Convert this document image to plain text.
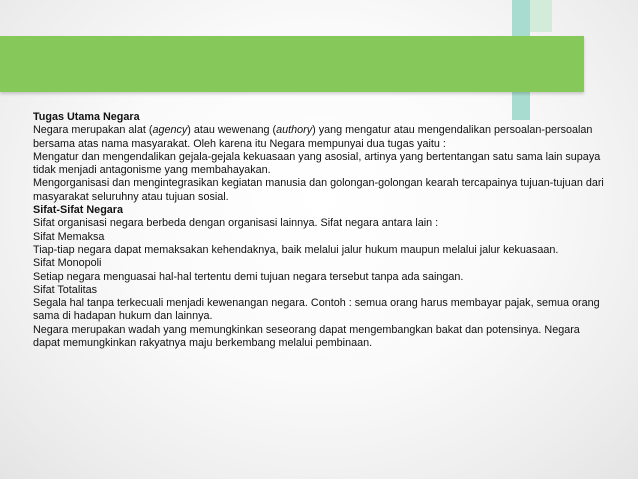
Tugas Utama Negara

Negara merupakan alat (agency) atau wewenang (authory) yang mengatur atau mengendalikan persoalan-persoalan bersama atas nama masyarakat. Oleh karena itu Negara mempunyai dua tugas yaitu :

Mengatur dan mengendalikan gejala-gejala kekuasaan yang asosial, artinya yang bertentangan satu sama lain supaya tidak menjadi antagonisme yang membahayakan.

Mengorganisasi dan mengintegrasikan kegiatan manusia dan golongan-golongan kearah tercapainya tujuan-tujuan dari masyarakat seluruhny atau tujuan sosial.

Sifat-Sifat Negara

Sifat organisasi negara berbeda dengan organisasi lainnya. Sifat negara antara lain :

Sifat Memaksa

Tiap-tiap negara dapat memaksakan kehendaknya, baik melalui jalur hukum maupun melalui jalur kekuasaan.

Sifat Monopoli

Setiap negara menguasai hal-hal tertentu demi tujuan negara tersebut tanpa ada saingan.

Sifat Totalitas

Segala hal tanpa terkecuali menjadi kewenangan negara. Contoh : semua orang harus membayar pajak, semua orang sama di hadapan hukum dan lainnya.

Negara merupakan wadah yang memungkinkan seseorang dapat mengembangkan bakat dan potensinya. Negara dapat memungkinkan rakyatnya maju berkembang melalui pembinaan.
